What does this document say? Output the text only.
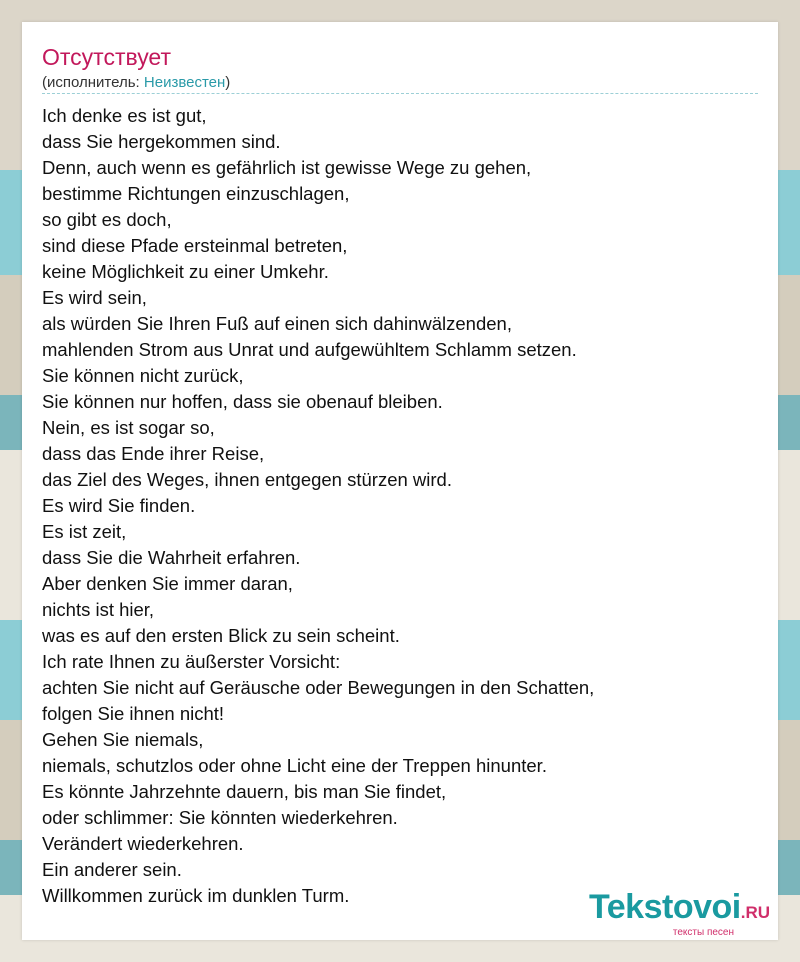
Отсутствует
(исполнитель: Неизвестен)
Ich denke es ist gut,
dass Sie hergekommen sind.
Denn, auch wenn es gefährlich ist gewisse Wege zu gehen,
bestimme Richtungen einzuschlagen,
so gibt es doch,
sind diese Pfade ersteinmal betreten,
keine Möglichkeit zu einer Umkehr.
Es wird sein,
als würden Sie Ihren Fuß auf einen sich dahinwälzenden,
mahlenden Strom aus Unrat und aufgewühltem Schlamm setzen.
Sie können nicht zurück,
Sie können nur hoffen, dass sie obenauf bleiben.
Nein, es ist sogar so,
dass das Ende ihrer Reise,
das Ziel des Weges, ihnen entgegen stürzen wird.
Es wird Sie finden.
Es ist zeit,
dass Sie die Wahrheit erfahren.
Aber denken Sie immer daran,
nichts ist hier,
was es auf den ersten Blick zu sein scheint.
Ich rate Ihnen zu äußerster Vorsicht:
achten Sie nicht auf Geräusche oder Bewegungen in den Schatten,
folgen Sie ihnen nicht!
Gehen Sie niemals,
niemals, schutzlos oder ohne Licht eine der Treppen hinunter.
Es könnte Jahrzehnte dauern, bis man Sie findet,
oder schlimmer: Sie könnten wiederkehren.
Verändert wiederkehren.
Ein anderer sein.
Willkommen zurück im dunklen Turm.	Tekstovoi.RU
тексты песен
